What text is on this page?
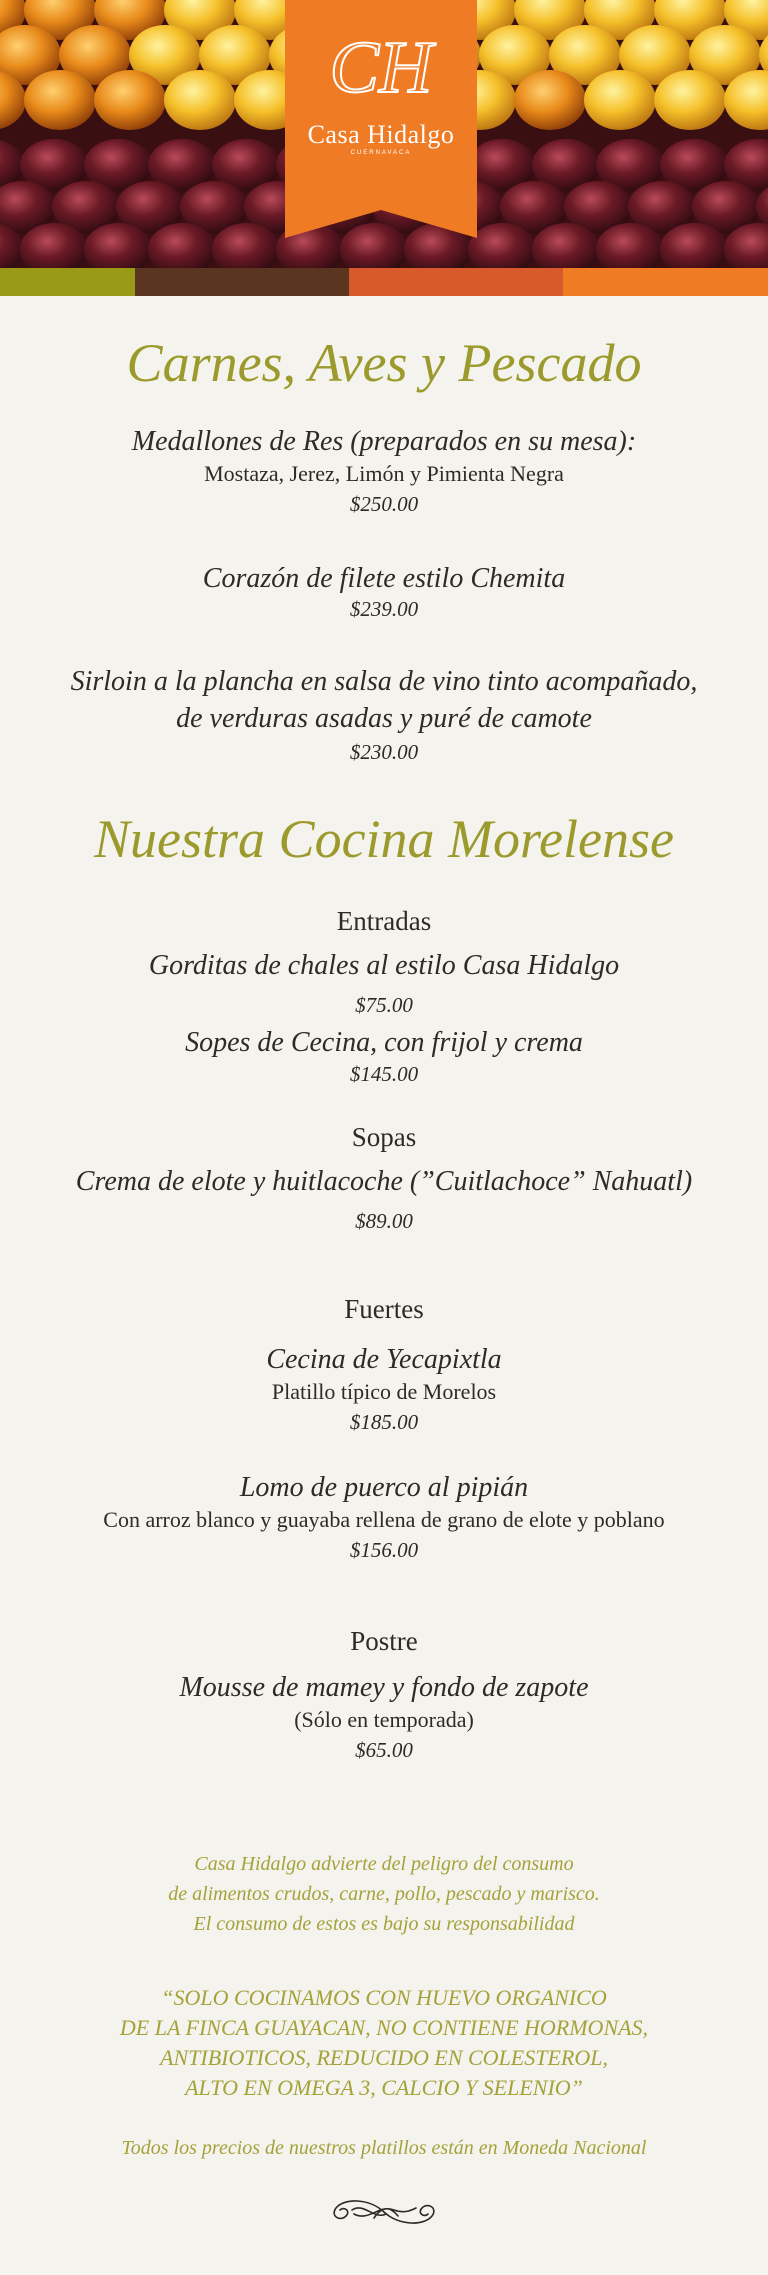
CH
Casa Hidalgo
CUERNAVACA
Carnes, Aves y Pescado
Medallones de Res (preparados en su mesa):
Mostaza, Jerez, Limón y Pimienta Negra
$250.00
Corazón de filete estilo Chemita
$239.00
Sirloin a la plancha en salsa de vino tinto acompañado,
de verduras asadas y puré de camote
$230.00
Nuestra Cocina Morelense
Entradas
Gorditas de chales al estilo Casa Hidalgo
$75.00
Sopes de Cecina, con frijol y crema
$145.00
Sopas
Crema de elote y huitlacoche (”Cuitlachoce” Nahuatl)
$89.00
Fuertes
Cecina de Yecapixtla
Platillo típico de Morelos
$185.00
Lomo de puerco al pipián
Con arroz blanco y guayaba rellena de grano de elote y poblano
$156.00
Postre
Mousse de mamey y fondo de zapote
(Sólo en temporada)
$65.00
Casa Hidalgo advierte del peligro del consumo
de alimentos crudos, carne, pollo, pescado y marisco.
El consumo de estos es bajo su responsabilidad
“SOLO COCINAMOS CON HUEVO ORGANICO
DE LA FINCA GUAYACAN, NO CONTIENE HORMONAS,
ANTIBIOTICOS, REDUCIDO EN COLESTEROL,
ALTO EN OMEGA 3, CALCIO Y SELENIO”
Todos los precios de nuestros platillos están en Moneda Nacional
